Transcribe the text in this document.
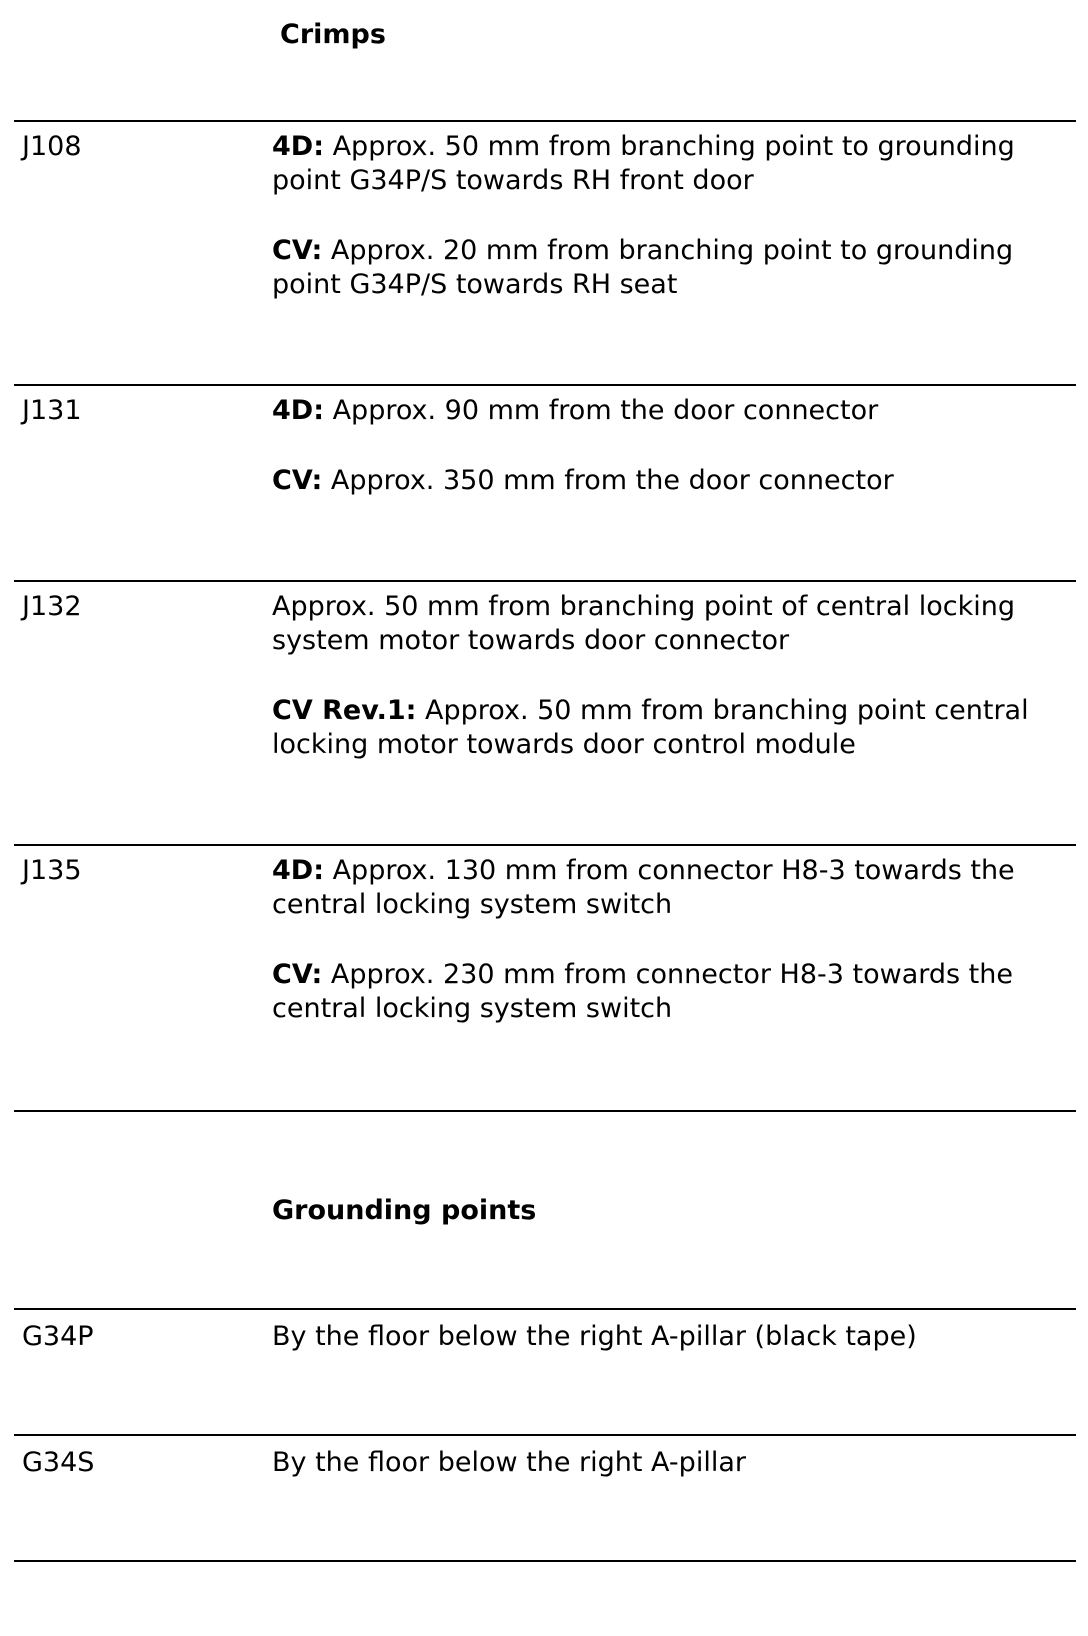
Crimps
J108	4D: Approx. 50 mm from branching point to grounding point G34P/S towards RH front door

CV: Approx. 20 mm from branching point to grounding point G34P/S towards RH seat

J131	4D: Approx. 90 mm from the door connector

CV: Approx. 350 mm from the door connector

J132	Approx. 50 mm from branching point of central locking system motor towards door connector

CV Rev.1: Approx. 50 mm from branching point central locking motor towards door control module

J135	4D: Approx. 130 mm from connector H8-3 towards the central locking system switch

CV: Approx. 230 mm from connector H8-3 towards the central locking system switch

Grounding points
G34P	By the floor below the right A-pillar (black tape)
G34S	By the floor below the right A-pillar
